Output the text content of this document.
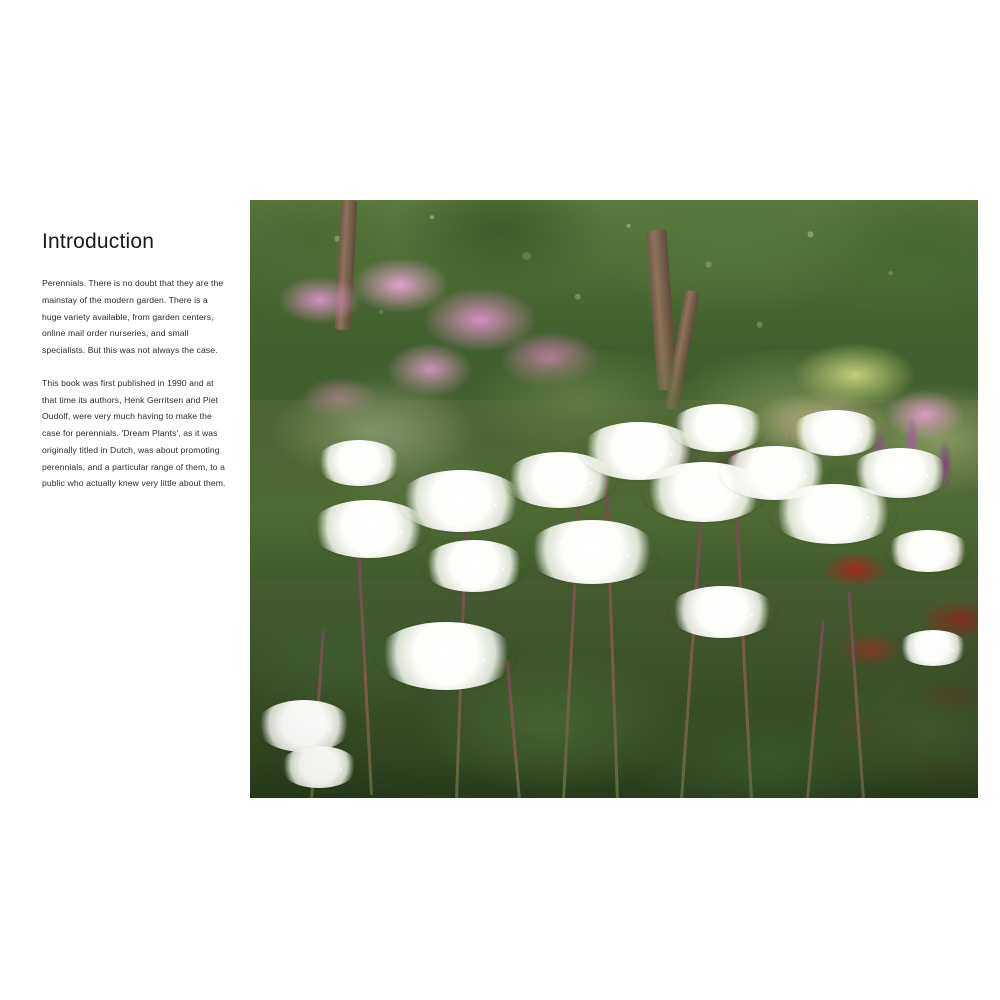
Introduction

Perennials. There is no doubt that they are the mainstay of the modern garden. There is a huge variety available, from garden centers, online mail order nurseries, and small specialists. But this was not always the case.

This book was first published in 1990 and at that time its authors, Henk Gerritsen and Piet Oudolf, were very much having to make the case for perennials. 'Dream Plants', as it was originally titled in Dutch, was about promoting perennials, and a particular range of them, to a public who actually knew very little about them.
